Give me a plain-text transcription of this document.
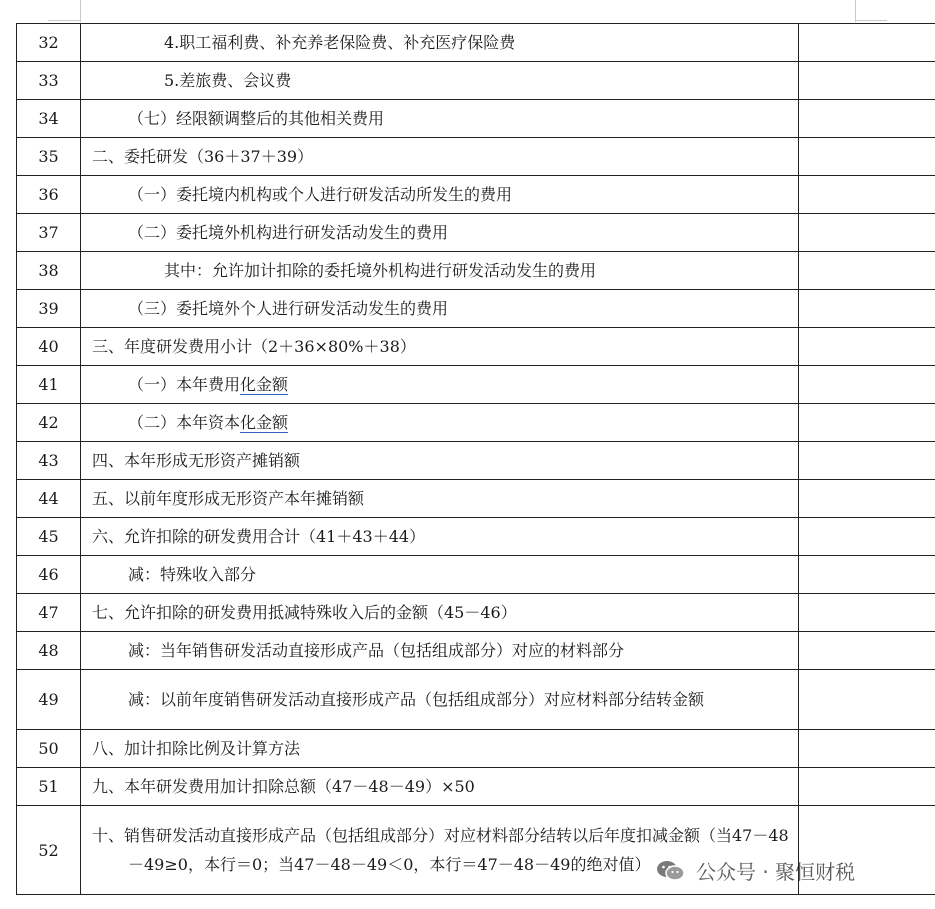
32	4.职工福利费、补充养老保险费、补充医疗保险费	

33	5.差旅费、会议费	

34	（七）经限额调整后的其他相关费用	

35	二、委托研发（36＋37＋39）	

36	（一）委托境内机构或个人进行研发活动所发生的费用	

37	（二）委托境外机构进行研发活动发生的费用	

38	其中：允许加计扣除的委托境外机构进行研发活动发生的费用	

39	（三）委托境外个人进行研发活动发生的费用	

40	三、年度研发费用小计（2＋36×80%＋38）	

41	（一）本年费用化金额	

42	（二）本年资本化金额	

43	四、本年形成无形资产摊销额	

44	五、以前年度形成无形资产本年摊销额	

45	六、允许扣除的研发费用合计（41＋43＋44）	

46	减：特殊收入部分	

47	七、允许扣除的研发费用抵减特殊收入后的金额（45－46）	

48	减：当年销售研发活动直接形成产品（包括组成部分）对应的材料部分	

49	减：以前年度销售研发活动直接形成产品（包括组成部分）对应材料部分结转金额	

50	八、加计扣除比例及计算方法	

51	九、本年研发费用加计扣除总额（47－48－49）×50	

52	十、销售研发活动直接形成产品（包括组成部分）对应材料部分结转以后年度扣减金额（当47－48－49≥0，本行＝0；当47－48－49＜0，本行＝47－48－49的绝对值）	
		公众号 · 聚恒财税
